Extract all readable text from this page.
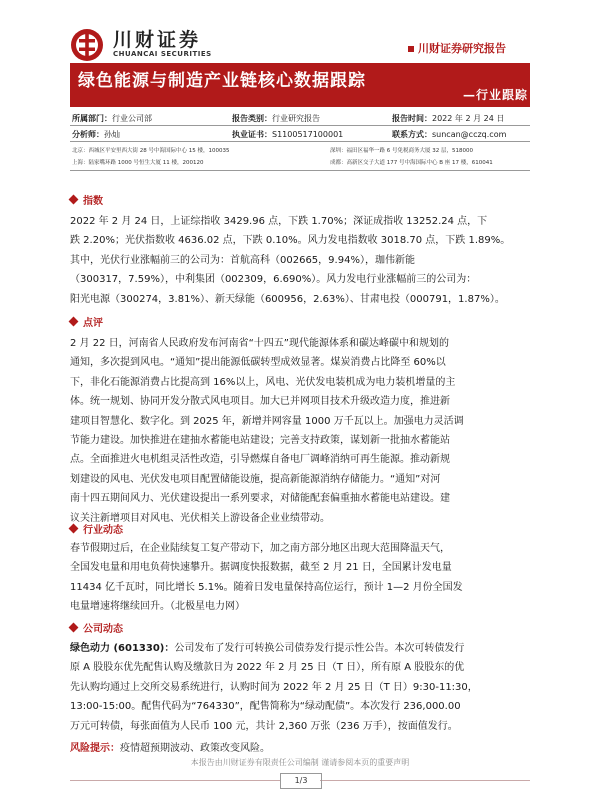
川财证券
CHUANCAI SECURITIES	川财证券研究报告
绿色能源与制造产业链核心数据跟踪
—行业跟踪
所属部门：行业公司部	报告类别：行业研究报告	报告时间：2022 年 2 月 24 日
分析师：孙灿	执业证书：S1100517100001	联系方式：suncan@cczq.com
北京：西城区平安里西大街 28 号中海国际中心 15 楼，100035	深圳：福田区福华一路 6 号免税商务大厦 32 层，518000
上海：陆家嘴环路 1000 号恒生大厦 11 楼，200120	成都：高新区交子大道 177 号中海国际中心 B 座 17 楼，610041
指数
2022 年 2 月 24 日，上证综指收 3429.96 点，下跌 1.70%；深证成指收 13252.24 点，下
跌 2.20%；光伏指数收 4636.02 点，下跌 0.10%。风力发电指数收 3018.70 点，下跌 1.89%。
其中，光伏行业涨幅前三的公司为：首航高科（002665，9.94%），珈伟新能
（300317，7.59%），中利集团（002309，6.690%）。风力发电行业涨幅前三的公司为：
阳光电源（300274，3.81%）、新天绿能（600956，2.63%）、甘肃电投（000791，1.87%）。
点评
2 月 22 日，河南省人民政府发布河南省“十四五”现代能源体系和碳达峰碳中和规划的
通知，多次提到风电。“通知”提出能源低碳转型成效显著。煤炭消费占比降至 60%以
下，非化石能源消费占比提高到 16%以上，风电、光伏发电装机成为电力装机增量的主
体。统一规划、协同开发分散式风电项目。加大已并网项目技术升级改造力度，推进新
建项目智慧化、数字化。到 2025 年，新增并网容量 1000 万千瓦以上。加强电力灵活调
节能力建设。加快推进在建抽水蓄能电站建设；完善支持政策，谋划新一批抽水蓄能站
点。全面推进火电机组灵活性改造，引导燃煤自备电厂调峰消纳可再生能源。推动新规
划建设的风电、光伏发电项目配置储能设施，提高新能源消纳存储能力。“通知”对河
南十四五期间风力、光伏建设提出一系列要求，对储能配套偏重抽水蓄能电站建设。建
议关注新增项目对风电、光伏相关上游设备企业业绩带动。
行业动态
春节假期过后，在企业陆续复工复产带动下，加之南方部分地区出现大范围降温天气，
全国发电量和用电负荷快速攀升。据调度快报数据，截至 2 月 21 日，全国累计发电量
11434 亿千瓦时，同比增长 5.1%。随着日发电量保持高位运行，预计 1—2 月份全国发
电量增速将继续回升。（北极星电力网）
公司动态
绿色动力 (601330)：公司发布了发行可转换公司债券发行提示性公告。本次可转债发行
原 A 股股东优先配售认购及缴款日为 2022 年 2 月 25 日（T 日），所有原 A 股股东的优
先认购均通过上交所交易系统进行，认购时间为 2022 年 2 月 25 日（T 日）9:30-11:30，
13:00-15:00。配售代码为“764330”，配售简称为“绿动配债”。本次发行 236,000.00
万元可转债，每张面值为人民币 100 元，共计 2,360 万张（236 万手），按面值发行。
风险提示：疫情超预期波动、政策改变风险。
本报告由川财证券有限责任公司编制 谨请参阅本页的重要声明
1/3
